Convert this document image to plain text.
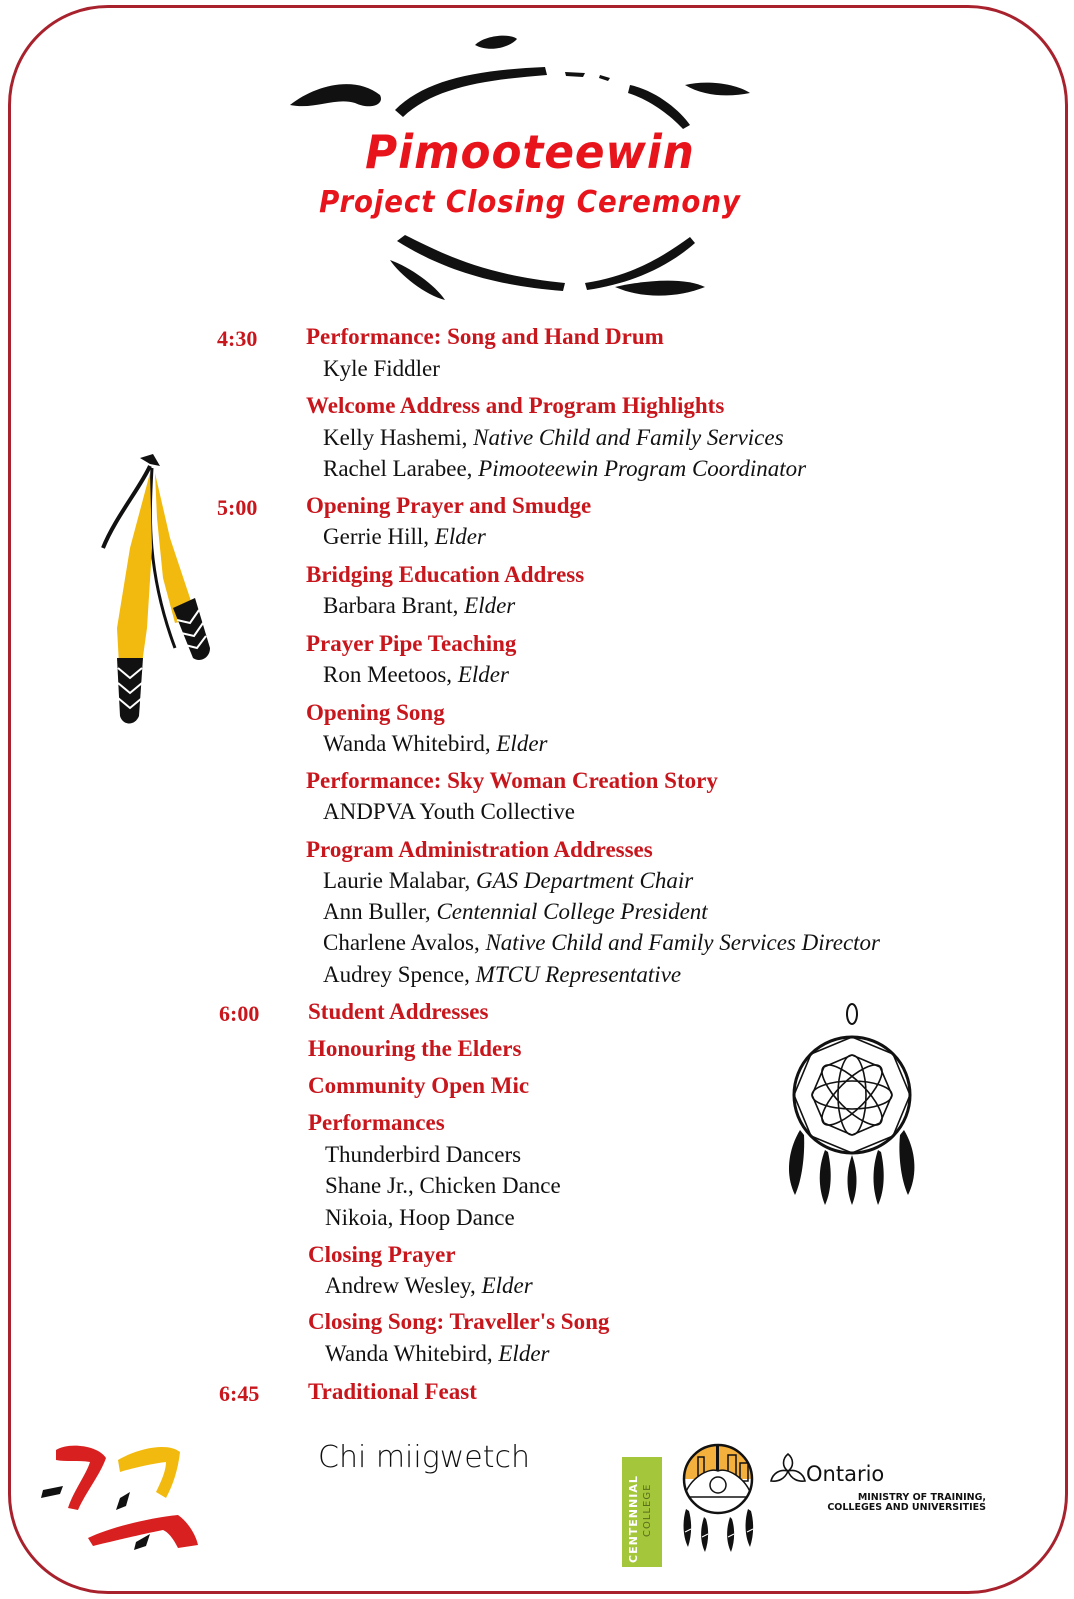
Pimooteewin
Project Closing Ceremony
4:30 Performance: Song and Hand Drum
Kyle Fiddler
Welcome Address and Program Highlights
Kelly Hashemi, Native Child and Family Services
Rachel Larabee, Pimooteewin Program Coordinator
5:00 Opening Prayer and Smudge
Gerrie Hill, Elder
Bridging Education Address
Barbara Brant, Elder
Prayer Pipe Teaching
Ron Meetoos, Elder
Opening Song
Wanda Whitebird, Elder
Performance: Sky Woman Creation Story
ANDPVA Youth Collective
Program Administration Addresses
Laurie Malabar, GAS Department Chair
Ann Buller, Centennial College President
Charlene Avalos, Native Child and Family Services Director
Audrey Spence, MTCU Representative
6:00 Student Addresses
Honouring the Elders
Community Open Mic
Performances
Thunderbird Dancers
Shane Jr., Chicken Dance
Nikoia, Hoop Dance
Closing Prayer
Andrew Wesley, Elder
Closing Song: Traveller's Song
Wanda Whitebird, Elder
6:45 Traditional Feast
Chi miigwetch
CENTENNIAL COLLEGE
Ontario
MINISTRY OF TRAINING,
COLLEGES AND UNIVERSITIES
